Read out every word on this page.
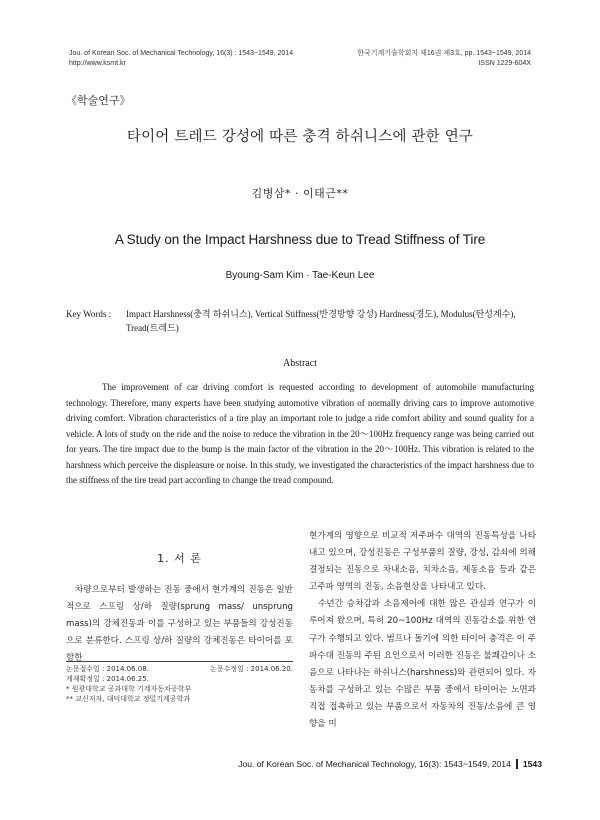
Jou. of Korean Soc. of Mechanical Technology, 16(3) : 1543~1549, 2014
http://www.ksmt.kr
한국기계기술학회지 제16권 제3호, pp. 1543~1549, 2014
ISSN 1229-604X
《학술연구》
타이어 트레드 강성에 따른 충격 하쉬니스에 관한 연구
김병삼* · 이태근**
A Study on the Impact Harshness due to Tread Stiffness of Tire
Byoung-Sam Kim · Tae-Keun Lee
Key Words : Impact Harshness(충격 하쉬니스), Vertical Stiffness(반경방향 강성) Hardness(경도), Modulus(탄성계수), Tread(트레드)
Abstract
The improvement of car driving comfort is requested according to development of automobile manufacturing technology. Therefore, many experts have been studying automotive vibration of normally driving cars to improve automotive driving comfort. Vibration characteristics of a tire play an important role to judge a ride comfort ability and sound quality for a vehicle. A lots of study on the ride and the noise to reduce the vibration in the 20～100Hz frequency range was being carried out for years. The tire impact due to the bump is the main factor of the vibration in the 20～100Hz. This vibration is related to the harshness which perceive the displeasure or noise. In this study, we investigated the characteristics of the impact harshness due to the stiffness of the tire tread part according to change the tread compound.
1. 서 론

차량으로부터 발생하는 진동 중에서 현가계의 진동은 일반적으로 스프링 상/하 질량(sprung mass/ unsprung mass)의 강체진동과 이를 구성하고 있는 부품들의 강성진동으로 분류한다. 스프링 상/하 질량의 강체진동은 타이어를 포함한

현가계의 영향으로 비교적 저주파수 대역의 진동특성을 나타내고 있으며, 강성진동은 구성부품의 질량, 강성, 감쇠에 의해 결정되는 진동으로 차내소음, 치차소음, 제동소음 등과 같은 고주파 영역의 진동, 소음현상을 나타내고 있다.

수년간 승차감과 소음제어에 대한 많은 관심과 연구가 이루어져 왔으며, 특히 20~100Hz 대역의 진동감소를 위한 연구가 수행되고 있다. 범프나 돌기에 의한 타이어 충격은 이 주파수대 진동의 주된 요인으로서 이러한 진동은 불쾌감이나 소음으로 나타나는 하쉬니스(harshness)와 관련되어 있다. 자동차를 구성하고 있는 수많은 부품 중에서 타이어는 노면과 직접 접촉하고 있는 부품으로서 자동차의 진동/소음에 큰 영향을 미

논문접수일 : 2014.06.08.	논문수정일 : 2014.06.20.
게재확정일 : 2014.06.25.
* 원광대학교 공과대학 기계자동차공학부
** 교신저자, 대덕대학교 정밀기계공학과
Jou. of Korean Soc. of Mechanical Technology, 16(3): 1543~1549, 2014 1543
